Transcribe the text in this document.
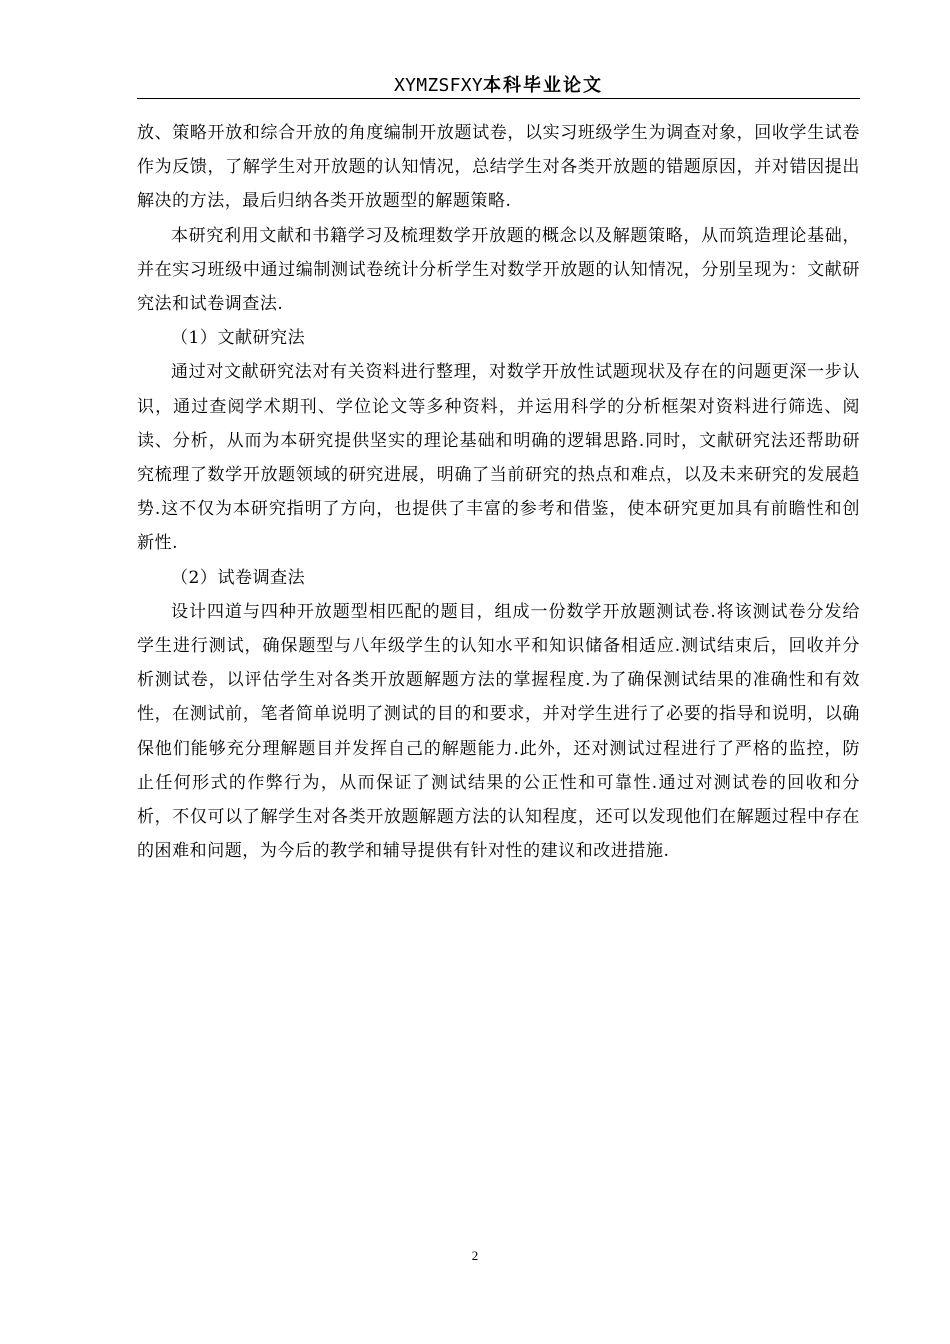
XYMZSFXY本科毕业论文

放、策略开放和综合开放的角度编制开放题试卷，以实习班级学生为调查对象，回收学生试卷作为反馈，了解学生对开放题的认知情况，总结学生对各类开放题的错题原因，并对错因提出解决的方法，最后归纳各类开放题型的解题策略.

本研究利用文献和书籍学习及梳理数学开放题的概念以及解题策略，从而筑造理论基础，并在实习班级中通过编制测试卷统计分析学生对数学开放题的认知情况，分别呈现为：文献研究法和试卷调查法.

（1）文献研究法

通过对文献研究法对有关资料进行整理，对数学开放性试题现状及存在的问题更深一步认识，通过查阅学术期刊、学位论文等多种资料，并运用科学的分析框架对资料进行筛选、阅读、分析，从而为本研究提供坚实的理论基础和明确的逻辑思路.同时，文献研究法还帮助研究梳理了数学开放题领域的研究进展，明确了当前研究的热点和难点，以及未来研究的发展趋势.这不仅为本研究指明了方向，也提供了丰富的参考和借鉴，使本研究更加具有前瞻性和创新性.

（2）试卷调查法

设计四道与四种开放题型相匹配的题目，组成一份数学开放题测试卷.将该测试卷分发给学生进行测试，确保题型与八年级学生的认知水平和知识储备相适应.测试结束后，回收并分析测试卷，以评估学生对各类开放题解题方法的掌握程度.为了确保测试结果的准确性和有效性，在测试前，笔者简单说明了测试的目的和要求，并对学生进行了必要的指导和说明，以确保他们能够充分理解题目并发挥自己的解题能力.此外，还对测试过程进行了严格的监控，防止任何形式的作弊行为，从而保证了测试结果的公正性和可靠性.通过对测试卷的回收和分析，不仅可以了解学生对各类开放题解题方法的认知程度，还可以发现他们在解题过程中存在的困难和问题，为今后的教学和辅导提供有针对性的建议和改进措施.

2
